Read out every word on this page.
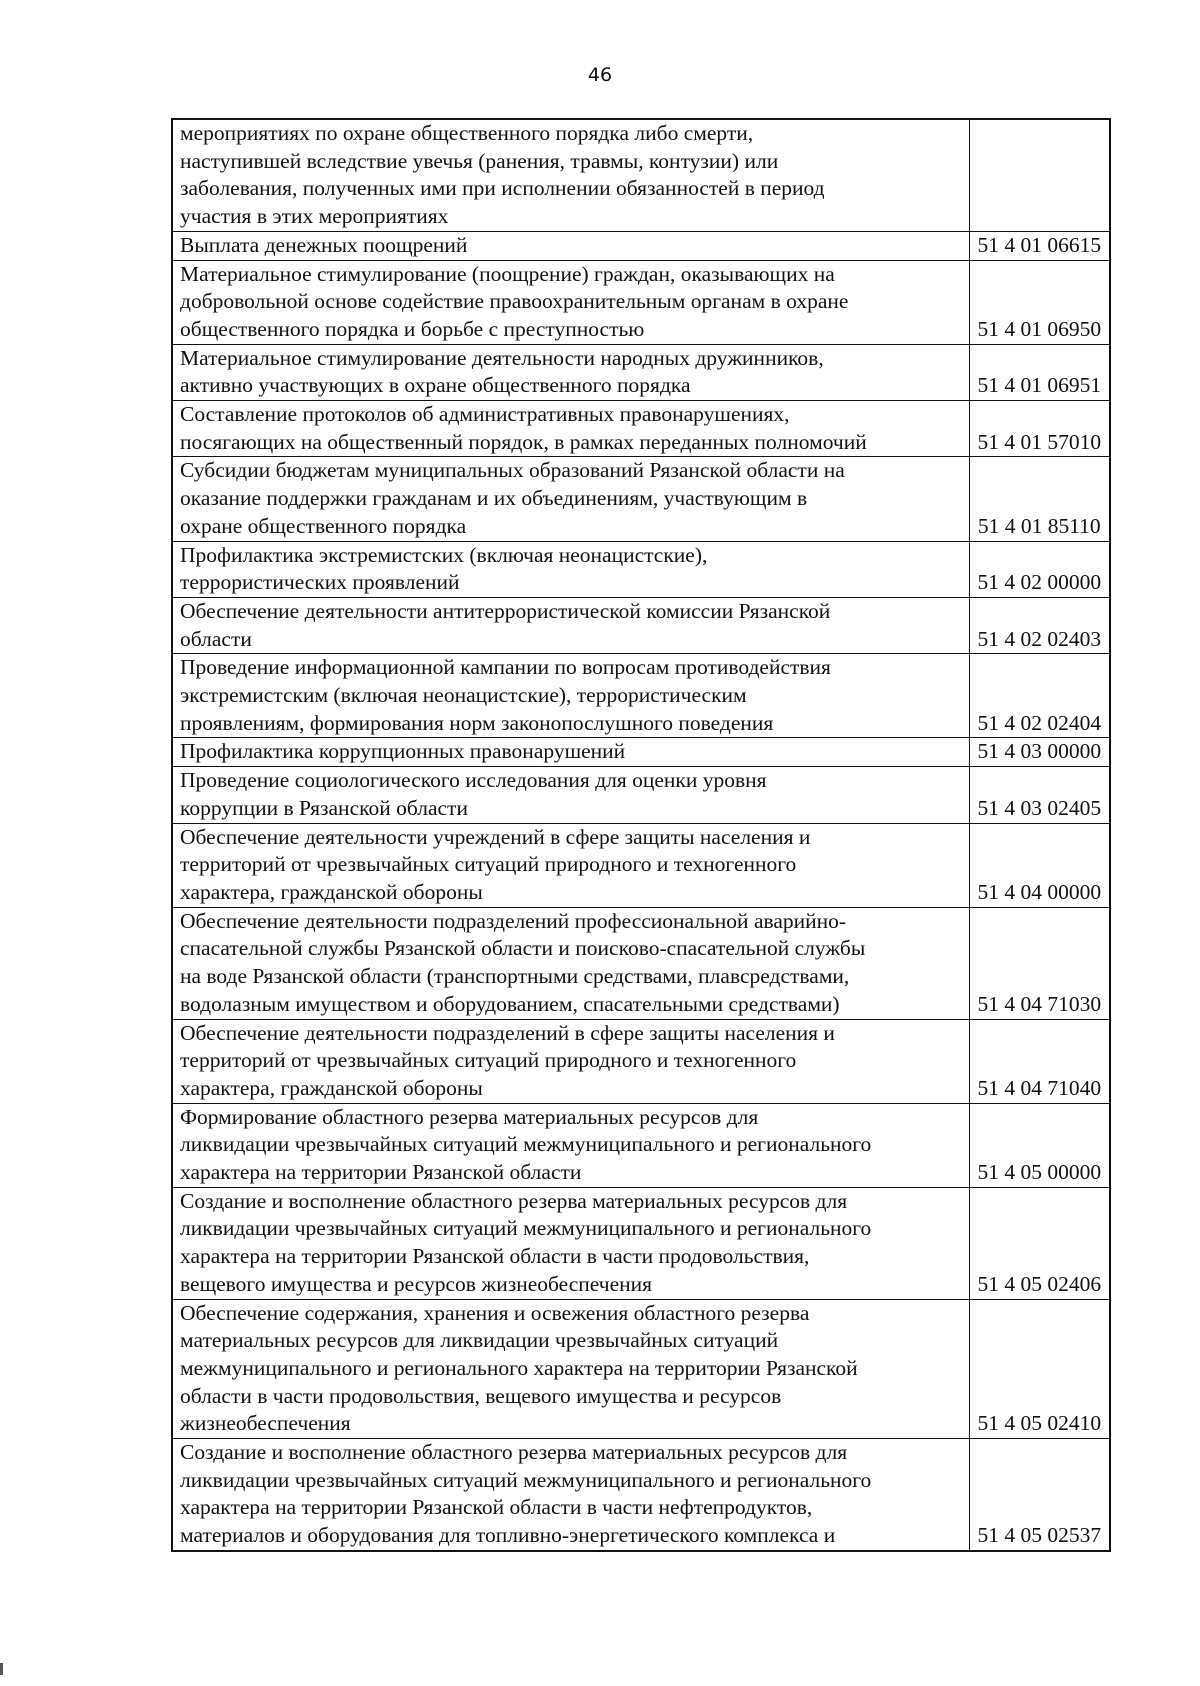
46
мероприятиях по охране общественного порядка либо смерти,
наступившей вследствие увечья (ранения, травмы, контузии) или
заболевания, полученных ими при исполнении обязанностей в период
участия в этих мероприятиях	

Выплата денежных поощрений	51 4 01 06615

Материальное стимулирование (поощрение) граждан, оказывающих на
добровольной основе содействие правоохранительным органам в охране
общественного порядка и борьбе с преступностью	51 4 01 06950

Материальное стимулирование деятельности народных дружинников,
активно участвующих в охране общественного порядка	51 4 01 06951

Составление протоколов об административных правонарушениях,
посягающих на общественный порядок, в рамках переданных полномочий	51 4 01 57010

Субсидии бюджетам муниципальных образований Рязанской области на
оказание поддержки гражданам и их объединениям, участвующим в
охране общественного порядка	51 4 01 85110

Профилактика экстремистских (включая неонацистские),
террористических проявлений	51 4 02 00000

Обеспечение деятельности антитеррористической комиссии Рязанской
области	51 4 02 02403

Проведение информационной кампании по вопросам противодействия
экстремистским (включая неонацистские), террористическим
проявлениям, формирования норм законопослушного поведения	51 4 02 02404

Профилактика коррупционных правонарушений	51 4 03 00000

Проведение социологического исследования для оценки уровня
коррупции в Рязанской области	51 4 03 02405

Обеспечение деятельности учреждений в сфере защиты населения и
территорий от чрезвычайных ситуаций природного и техногенного
характера, гражданской обороны	51 4 04 00000

Обеспечение деятельности подразделений профессиональной аварийно-
спасательной службы Рязанской области и поисково-спасательной службы
на воде Рязанской области (транспортными средствами, плавсредствами,
водолазным имуществом и оборудованием, спасательными средствами)	51 4 04 71030

Обеспечение деятельности подразделений в сфере защиты населения и
территорий от чрезвычайных ситуаций природного и техногенного
характера, гражданской обороны	51 4 04 71040

Формирование областного резерва материальных ресурсов для
ликвидации чрезвычайных ситуаций межмуниципального и регионального
характера на территории Рязанской области	51 4 05 00000

Создание и восполнение областного резерва материальных ресурсов для
ликвидации чрезвычайных ситуаций межмуниципального и регионального
характера на территории Рязанской области в части продовольствия,
вещевого имущества и ресурсов жизнеобеспечения	51 4 05 02406

Обеспечение содержания, хранения и освежения областного резерва
материальных ресурсов для ликвидации чрезвычайных ситуаций
межмуниципального и регионального характера на территории Рязанской
области в части продовольствия, вещевого имущества и ресурсов
жизнеобеспечения	51 4 05 02410

Создание и восполнение областного резерва материальных ресурсов для
ликвидации чрезвычайных ситуаций межмуниципального и регионального
характера на территории Рязанской области в части нефтепродуктов,
материалов и оборудования для топливно-энергетического комплекса и	51 4 05 02537
